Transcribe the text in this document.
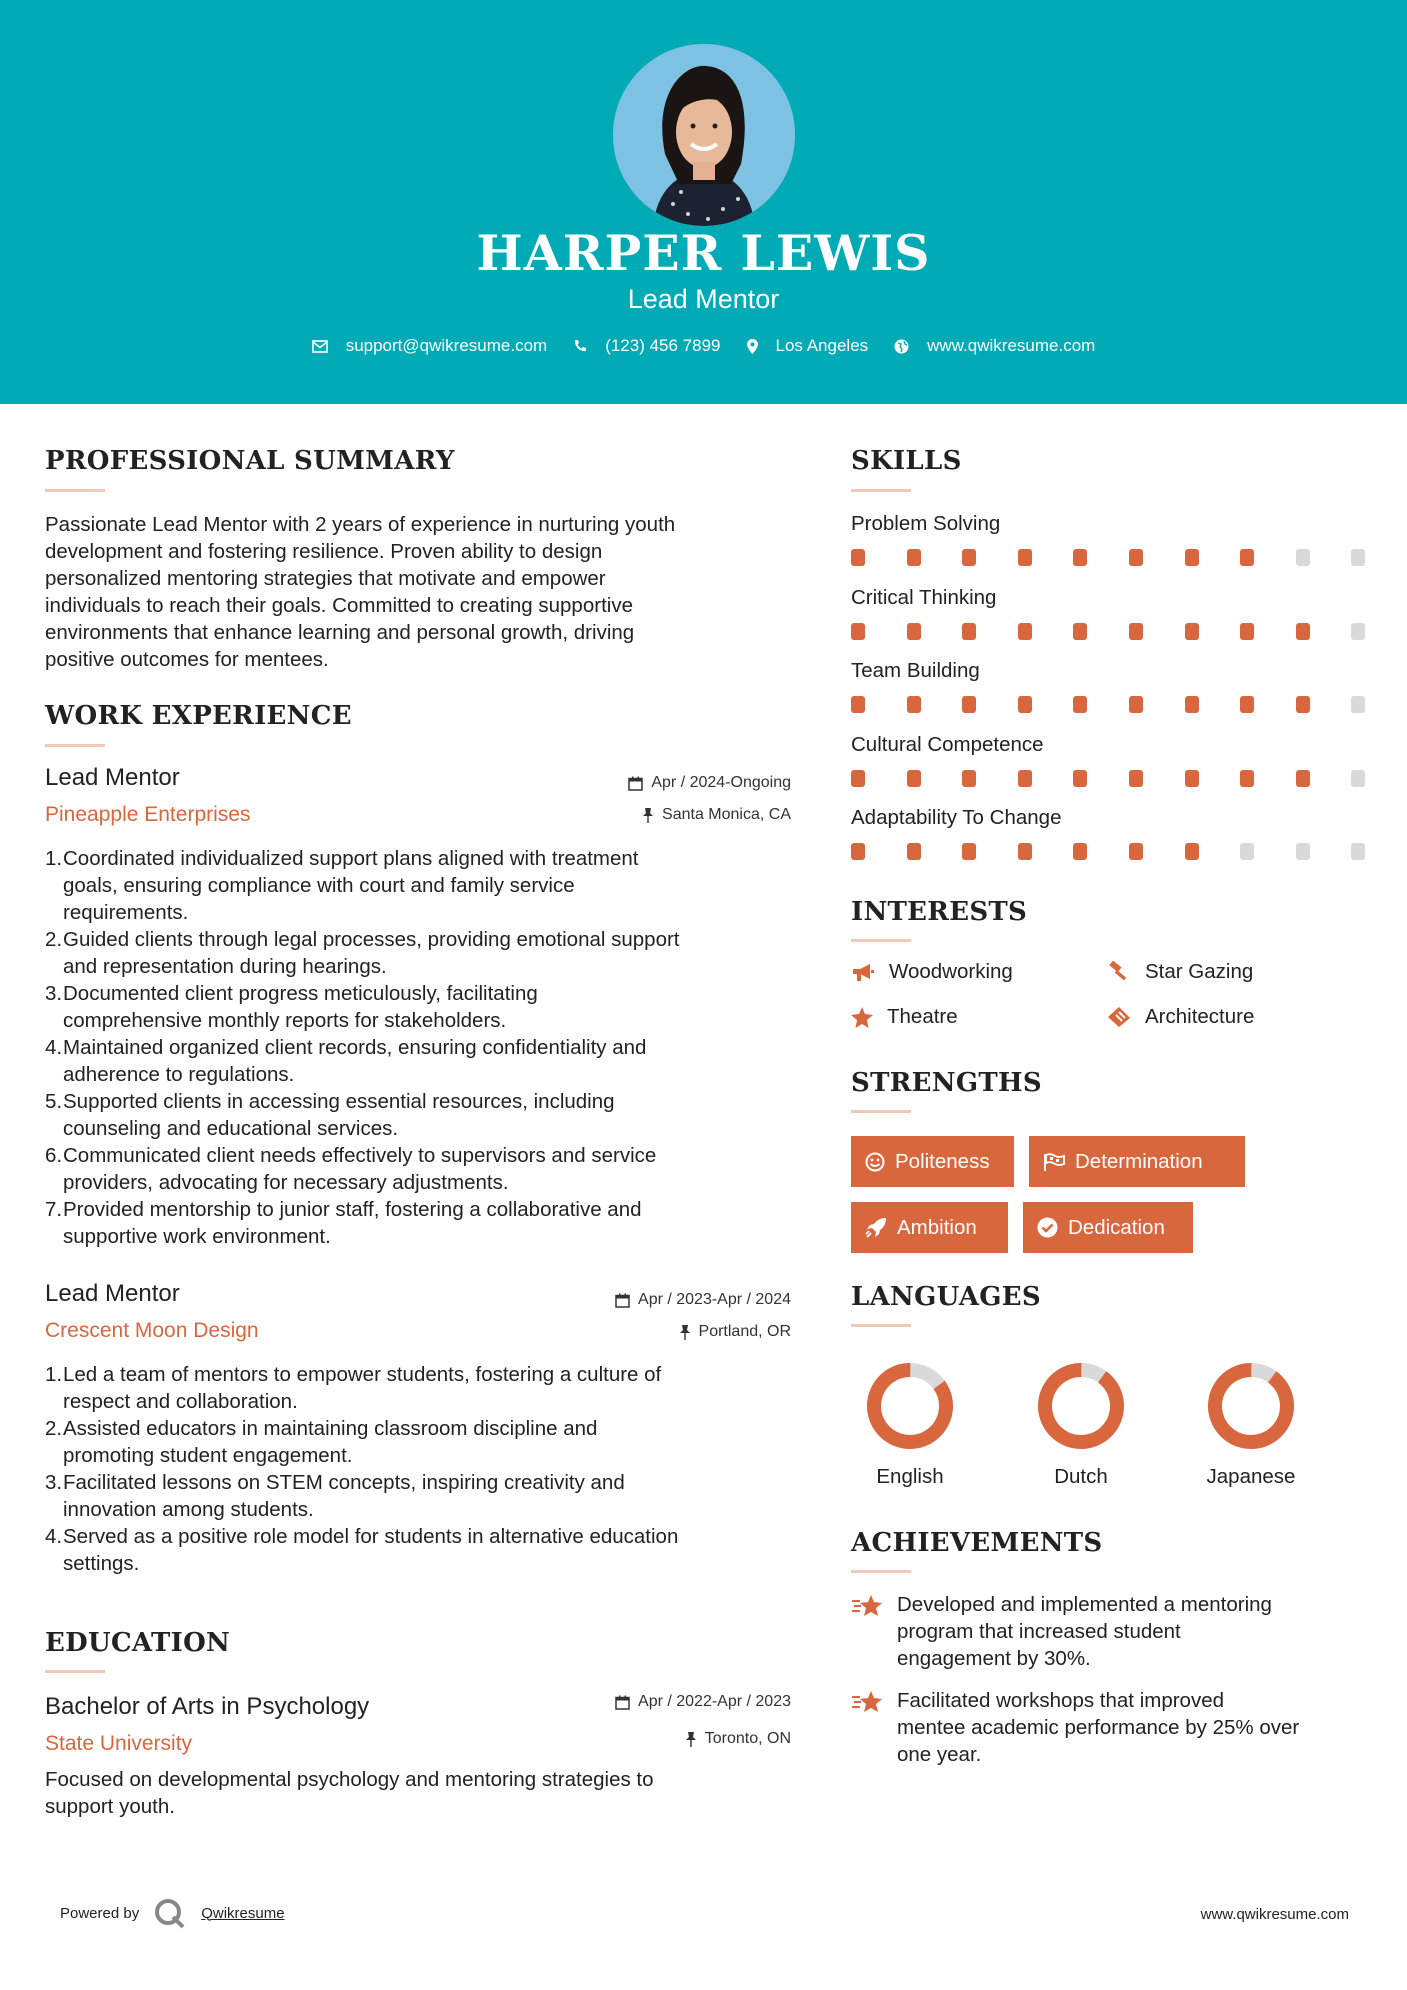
HARPER LEWIS
Lead Mentor
support@qwikresume.com	(123) 456 7899	Los Angeles	www.qwikresume.com
PROFESSIONAL SUMMARY
Passionate Lead Mentor with 2 years of experience in nurturing youth
development and fostering resilience. Proven ability to design
personalized mentoring strategies that motivate and empower
individuals to reach their goals. Committed to creating supportive
environments that enhance learning and personal growth, driving
positive outcomes for mentees.
WORK EXPERIENCE
Lead Mentor
Pineapple Enterprises
Apr / 2024-Ongoing
Santa Monica, CA
1. Coordinated individualized support plans aligned with treatment
goals, ensuring compliance with court and family service
requirements.
2. Guided clients through legal processes, providing emotional support
and representation during hearings.
3. Documented client progress meticulously, facilitating
comprehensive monthly reports for stakeholders.
4. Maintained organized client records, ensuring confidentiality and
adherence to regulations.
5. Supported clients in accessing essential resources, including
counseling and educational services.
6. Communicated client needs effectively to supervisors and service
providers, advocating for necessary adjustments.
7. Provided mentorship to junior staff, fostering a collaborative and
supportive work environment.
Lead Mentor
Crescent Moon Design
Apr / 2023-Apr / 2024
Portland, OR
1. Led a team of mentors to empower students, fostering a culture of
respect and collaboration.
2. Assisted educators in maintaining classroom discipline and
promoting student engagement.
3. Facilitated lessons on STEM concepts, inspiring creativity and
innovation among students.
4. Served as a positive role model for students in alternative education
settings.
EDUCATION
Bachelor of Arts in Psychology
State University
Apr / 2022-Apr / 2023
Toronto, ON
Focused on developmental psychology and mentoring strategies to
support youth.
SKILLS
Problem Solving
Critical Thinking
Team Building
Cultural Competence
Adaptability To Change
INTERESTS
Woodworking	Star Gazing
Theatre	Architecture
STRENGTHS
Politeness	Determination
Ambition	Dedication
LANGUAGES
English	Dutch	Japanese
ACHIEVEMENTS
Developed and implemented a mentoring
program that increased student
engagement by 30%.
Facilitated workshops that improved
mentee academic performance by 25% over
one year.
Powered by	Qwikresume	www.qwikresume.com
